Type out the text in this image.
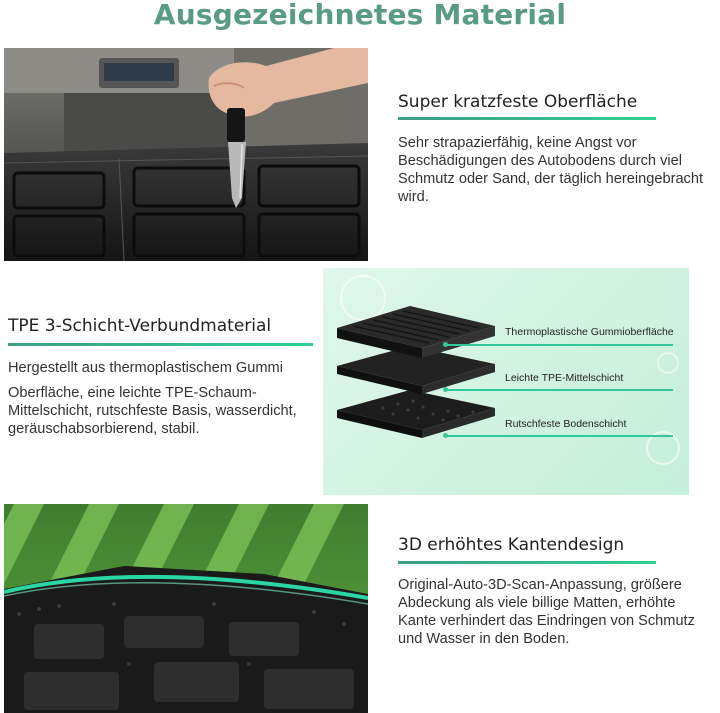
Ausgezeichnetes Material
Super kratzfeste Oberfläche
Sehr strapazierfähig, keine Angst vor Beschädigungen des Autobodens durch viel Schmutz oder Sand, der täglich hereingebracht wird.
TPE 3-Schicht-Verbundmaterial
Hergestellt aus thermoplastischem Gummi
Oberfläche, eine leichte TPE-Schaum-Mittelschicht, rutschfeste Basis, wasserdicht, geräuschabsorbierend, stabil.
Thermoplastische Gummioberfläche
Leichte TPE-Mittelschicht
Rutschfeste Bodenschicht
3D erhöhtes Kantendesign
Original-Auto-3D-Scan-Anpassung, größere Abdeckung als viele billige Matten, erhöhte Kante verhindert das Eindringen von Schmutz und Wasser in den Boden.
